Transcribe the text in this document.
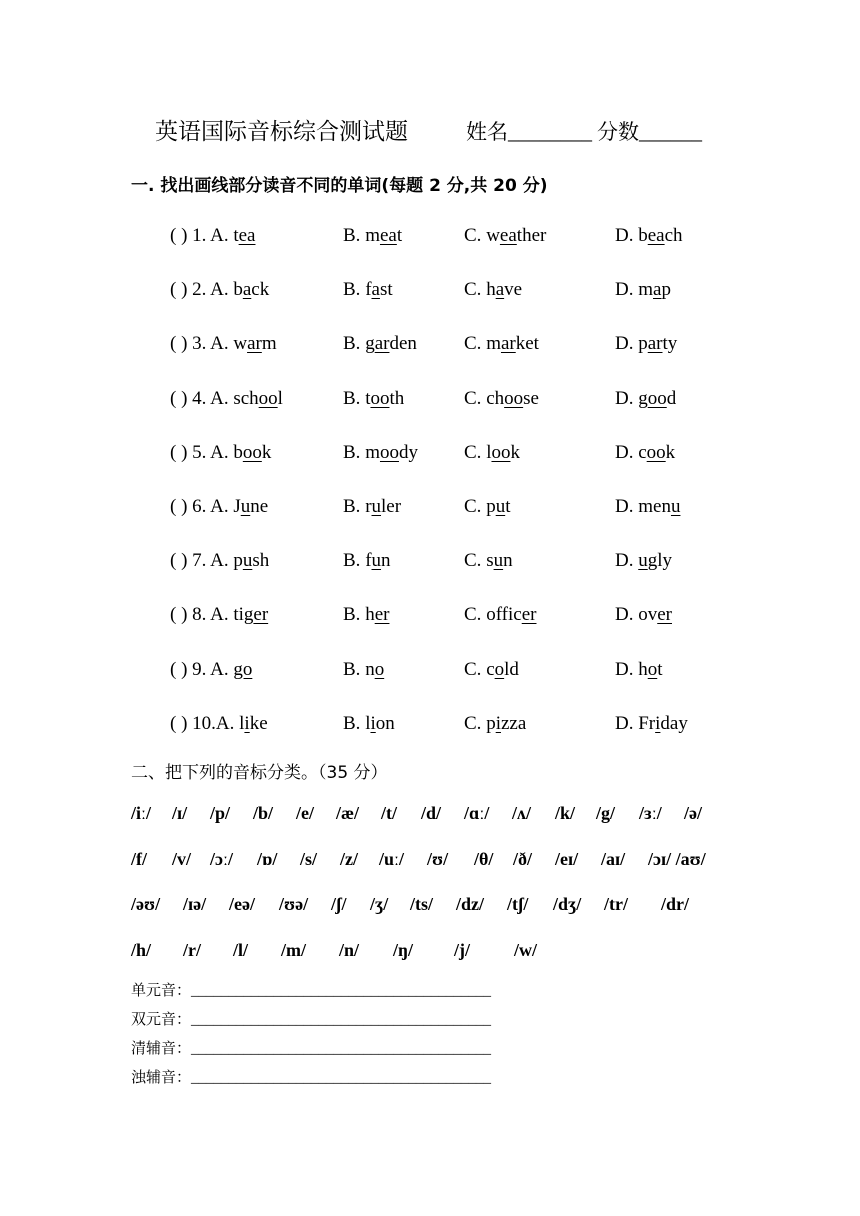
英语国际音标综合测试题	姓名________ 分数______
一. 找出画线部分读音不同的单词(每题 2 分,共 20 分)
( ) 1. A. tea	B. meat	C. weather	D. beach
( ) 2. A. back	B. fast	C. have	D. map
( ) 3. A. warm	B. garden C. market	D. party
( ) 4. A. school	B. tooth	C. choose	D. good
( ) 5. A. book	B. moody C. look	D. cook
( ) 6. A. June	B. ruler	C. put	D. menu
( ) 7. A. push	B. fun	C. sun	D. ugly
( ) 8. A. tiger	B. her	C. officer	D. over
( ) 9. A. go	B. no	C. cold	D. hot
( ) 10.A. like	B. lion	C. pizza	D. Friday
二、把下列的音标分类。（35 分）
/iː/ /ɪ/ /p/ /b/ /e/ /æ/ /t/ /d/ /ɑː/ /ʌ/ /k/ /g/ /ɜː/ /ə/
/f/ /v/ /ɔː/ /ɒ/ /s/ /z/ /uː/ /ʊ/ /θ/ /ð/ /eɪ/ /aɪ/ /ɔɪ/ /aʊ/
/əʊ/ /ɪə/ /eə/ /ʊə/ /ʃ/ /ʒ/ /ts/ /dz/ /tʃ/ /dʒ/ /tr/ /dr/
/h/ /r/ /l/ /m/ /n/ /ŋ/ /j/ /w/
单元音：________________________________________
双元音：________________________________________
清辅音：________________________________________
浊辅音：________________________________________
